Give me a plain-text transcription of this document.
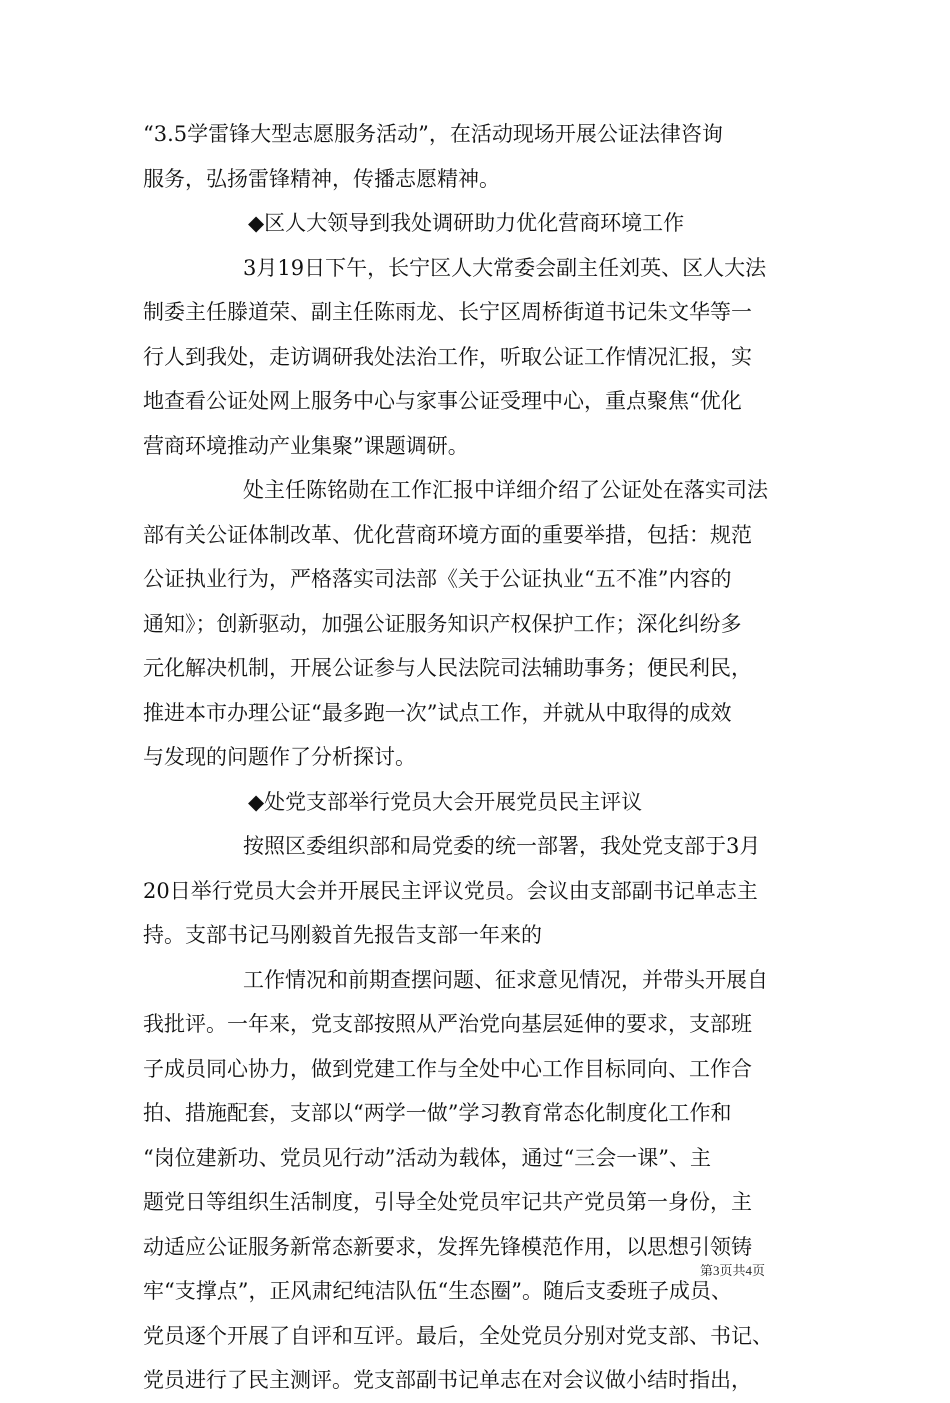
“3.5学雷锋大型志愿服务活动”，在活动现场开展公证法律咨询
服务，弘扬雷锋精神，传播志愿精神。
◆区人大领导到我处调研助力优化营商环境工作
3月19日下午，长宁区人大常委会副主任刘英、区人大法
制委主任滕道荣、副主任陈雨龙、长宁区周桥街道书记朱文华等一
行人到我处，走访调研我处法治工作，听取公证工作情况汇报，实
地查看公证处网上服务中心与家事公证受理中心，重点聚焦“优化
营商环境推动产业集聚”课题调研。
处主任陈铭勋在工作汇报中详细介绍了公证处在落实司法
部有关公证体制改革、优化营商环境方面的重要举措，包括：规范
公证执业行为，严格落实司法部《关于公证执业“五不准”内容的
通知》；创新驱动，加强公证服务知识产权保护工作；深化纠纷多
元化解决机制，开展公证参与人民法院司法辅助事务；便民利民，
推进本市办理公证“最多跑一次”试点工作，并就从中取得的成效
与发现的问题作了分析探讨。
◆处党支部举行党员大会开展党员民主评议
按照区委组织部和局党委的统一部署，我处党支部于3月
20日举行党员大会并开展民主评议党员。会议由支部副书记单志主
持。支部书记马刚毅首先报告支部一年来的
工作情况和前期查摆问题、征求意见情况，并带头开展自
我批评。一年来，党支部按照从严治党向基层延伸的要求，支部班
子成员同心协力，做到党建工作与全处中心工作目标同向、工作合
拍、措施配套，支部以“两学一做”学习教育常态化制度化工作和
“岗位建新功、党员见行动”活动为载体，通过“三会一课”、主
题党日等组织生活制度，引导全处党员牢记共产党员第一身份，主
动适应公证服务新常态新要求，发挥先锋模范作用，以思想引领铸
牢“支撑点”，正风肃纪纯洁队伍“生态圈”。随后支委班子成员、
党员逐个开展了自评和互评。最后，全处党员分别对党支部、书记、
党员进行了民主测评。党支部副书记单志在对会议做小结时指出，
第3页共4页
